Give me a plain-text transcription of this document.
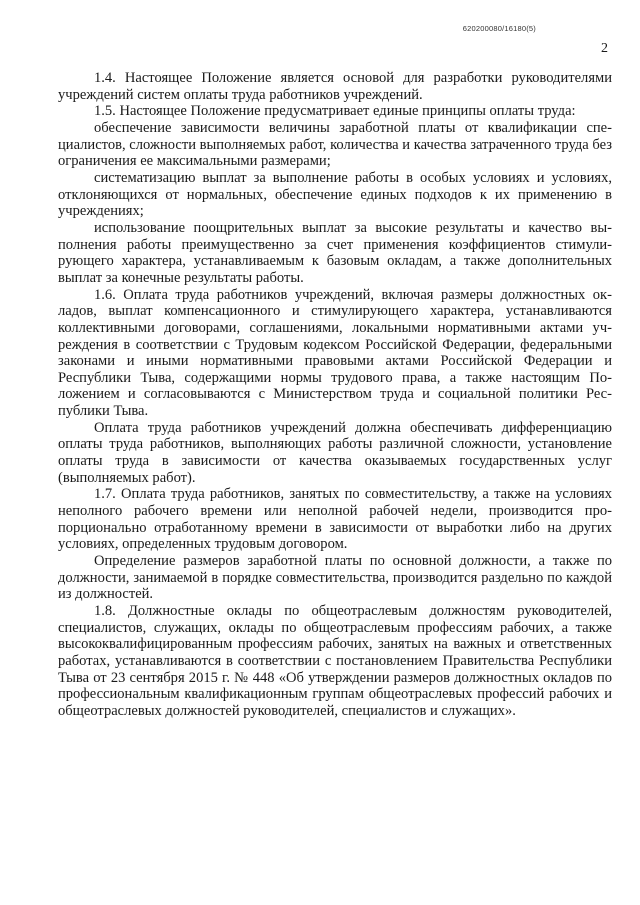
620200080/16180(5)
2

1.4. Настоящее Положение является основой для разработки руководителями учреждений систем оплаты труда работников учреждений.

1.5. Настоящее Положение предусматривает единые принципы оплаты труда:

обеспечение зависимости величины заработной платы от квалификации специалистов, сложности выполняемых работ, количества и качества затраченного труда без ограничения ее максимальными размерами;

систематизацию выплат за выполнение работы в особых условиях и условиях, отклоняющихся от нормальных, обеспечение единых подходов к их применению в учреждениях;

использование поощрительных выплат за высокие результаты и качество выполнения работы преимущественно за счет применения коэффициентов стимулирующего характера, устанавливаемым к базовым окладам, а также дополнительных выплат за конечные результаты работы.

1.6. Оплата труда работников учреждений, включая размеры должностных окладов, выплат компенсационного и стимулирующего характера, устанавливаются коллективными договорами, соглашениями, локальными нормативными актами учреждения в соответствии с Трудовым кодексом Российской Федерации, федеральными законами и иными нормативными правовыми актами Российской Федерации и Республики Тыва, содержащими нормы трудового права, а также настоящим Положением и согласовываются с Министерством труда и социальной политики Республики Тыва.

Оплата труда работников учреждений должна обеспечивать дифференциацию оплаты труда работников, выполняющих работы различной сложности, установление оплаты труда в зависимости от качества оказываемых государственных услуг (выполняемых работ).

1.7. Оплата труда работников, занятых по совместительству, а также на условиях неполного рабочего времени или неполной рабочей недели, производится пропорционально отработанному времени в зависимости от выработки либо на других условиях, определенных трудовым договором.

Определение размеров заработной платы по основной должности, а также по должности, занимаемой в порядке совместительства, производится раздельно по каждой из должностей.

1.8. Должностные оклады по общеотраслевым должностям руководителей, специалистов, служащих, оклады по общеотраслевым профессиям рабочих, а также высококвалифицированным профессиям рабочих, занятых на важных и ответственных работах, устанавливаются в соответствии с постановлением Правительства Республики Тыва от 23 сентября 2015 г. № 448 «Об утверждении размеров должностных окладов по профессиональным квалификационным группам общеотраслевых профессий рабочих и общеотраслевых должностей руководителей, специалистов и служащих».
